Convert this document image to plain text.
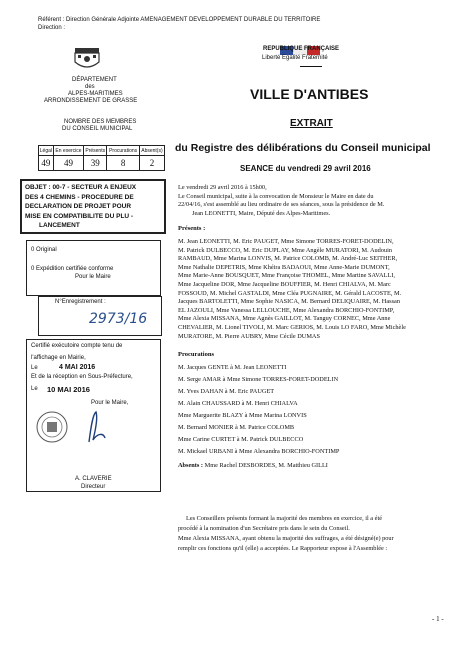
Référent : Direction Générale Adjointe AMENAGEMENT DEVELOPPEMENT DURABLE DU TERRITOIRE
Direction :
DÉPARTEMENT
des
ALPES-MARITIMES
ARRONDISSEMENT DE GRASSE
REPUBLIQUE FRANÇAISE
Liberté Egalité Fraternité
VILLE D'ANTIBES
EXTRAIT
du Registre des délibérations du Conseil municipal
SEANCE du vendredi 29 avril 2016
NOMBRE DES MEMBRES
DU CONSEIL MUNICIPAL
Légal	En exercice	Présents	Procurations	Absent(s)
49	49	39	8	2
OBJET : 00-7 - SECTEUR A ENJEUX
DES 4 CHEMINS - PROCEDURE DE
DECLARATION DE PROJET POUR
MISE EN COMPATIBILITE DU PLU -
LANCEMENT
0 Original
0 Expédition certifiée conforme
Pour le Maire
N°Enregistrement :
2973/16
Certifié exécutoire compte tenu de
l'affichage en Mairie,
Le	4 MAI 2016
Et de la réception en Sous-Préfecture,
Le 10 MAI 2016
Pour le Maire,
A. CLAVERIE
Directeur
Le vendredi 29 avril 2016 à 15h00,
Le Conseil municipal, suite à la convocation de Monsieur le Maire en date du
22/04/16, s'est assemblé au lieu ordinaire de ses séances, sous la présidence de M.
Jean LEONETTI, Maire, Député des Alpes-Maritimes.
Présents :
M. Jean LEONETTI, M. Eric PAUGET, Mme Simone TORRES-FORET-DODELIN,
M. Patrick DULBECCO, M. Eric DUPLAY, Mme Angèle MURATORI, M. Audouin
RAMBAUD, Mme Marina LONVIS, M. Patrice COLOMB, M. André-Luc SEITHER,
Mme Nathalie DEPETRIS, Mme Khéira BADAOUI, Mme Anne-Marie DUMONT,
Mme Marie-Anne BOUSQUET, Mme Françoise THOMEL, Mme Martine SAVALLI,
Mme Jacqueline DOR, Mme Jacqueline BOUFFIER, M. Henri CHIALVA, M. Marc
FOSSOUD, M. Michel GASTALDI, Mme Cléa PUGNAIRE, M. Gérald LACOSTE, M.
Jacques BARTOLETTI, Mme Sophie NASICA, M. Bernard DELIQUAIRE, M. Hassan
EL JAZOULI, Mme Vanessa LELLOUCHE, Mme Alexandra BORCHIO-FONTIMP,
Mme Alexia MISSANA, Mme Agnès GAILLOT, M. Tanguy CORNEC, Mme Anne
CHEVALIER, M. Lionel TIVOLI, M. Marc GERIOS, M. Louis LO FARO, Mme Michèle
MURATORE, M. Pierre AUBRY, Mme Cécile DUMAS
Procurations
M. Jacques GENTE à M. Jean LEONETTI
M. Serge AMAR à Mme Simone TORRES-FORET-DODELIN
M. Yves DAHAN à M. Eric PAUGET
M. Alain CHAUSSARD à M. Henri CHIALVA
Mme Marguerite BLAZY à Mme Marina LONVIS
M. Bernard MONIER à M. Patrice COLOMB
Mme Carine CURTET à M. Patrick DULBECCO
M. Mickael URBANI à Mme Alexandra BORCHIO-FONTIMP
Absents : Mme Rachel DESBORDES, M. Matthieu GILLI
Les Conseillers présents formant la majorité des membres en exercice, il a été
procédé à la nomination d'un Secrétaire pris dans le sein du Conseil.
Mme Alexia MISSANA, ayant obtenu la majorité des suffrages, a été désigné(e) pour
remplir ces fonctions qu'il (elle) a acceptées. Le Rapporteur expose à l'Assemblée :
- 1 -
